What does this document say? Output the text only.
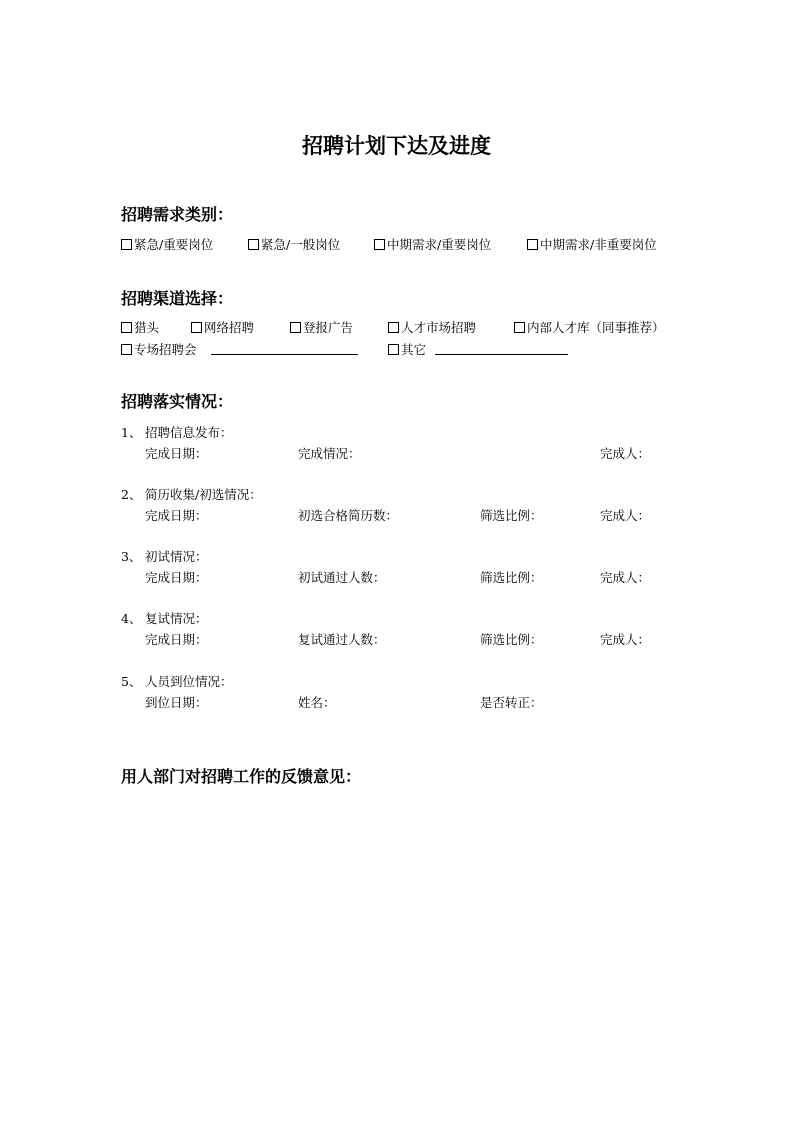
招聘计划下达及进度
招聘需求类别：
紧急/重要岗位	紧急/一般岗位	中期需求/重要岗位	中期需求/非重要岗位
招聘渠道选择：
猎头	网络招聘	登报广告	人才市场招聘	内部人才库（同事推荐）
专场招聘会	其它
招聘落实情况：
1、 招聘信息发布：
完成日期：	完成情况：	完成人：
2、 简历收集/初选情况：
完成日期：	初选合格简历数：	筛选比例：	完成人：
3、 初试情况：
完成日期：	初试通过人数：	筛选比例：	完成人：
4、 复试情况：
完成日期：	复试通过人数：	筛选比例：	完成人：
5、 人员到位情况：
到位日期：	姓名：	是否转正：
用人部门对招聘工作的反馈意见：
